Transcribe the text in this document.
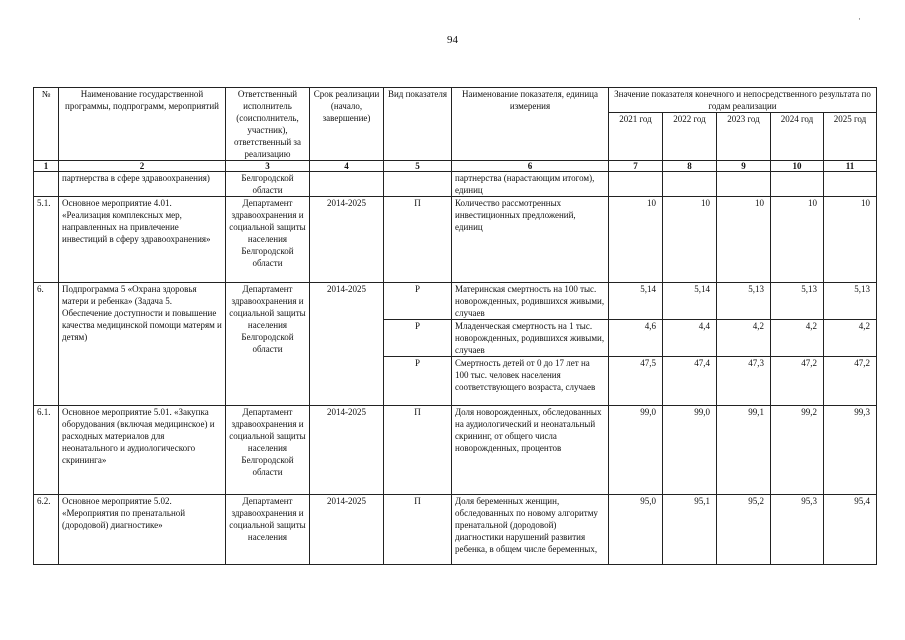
94
·
№	Наименование государственной программы, подпрограмм, мероприятий	Ответственный исполнитель (соисполнитель, участник), ответственный за реализацию	Срок реализации (начало, завершение)	Вид показателя	Наименование показателя, единица измерения	Значение показателя конечного и непосредственного результата по годам реализации				
						2021 год	2022 год	2023 год	2024 год	2025 год
1	2	3	4	5	6	7	8	9	10	11
	партнерства в сфере здравоохранения)	Белгородской области			партнерства (нарастающим итогом), единиц					
5.1.	Основное мероприятие 4.01. «Реализация комплексных мер, направленных на привлечение инвестиций в сферу здравоохранения»	Департамент здравоохранения и социальной защиты населения Белгородской области	2014-2025	П	Количество рассмотренных инвестиционных предложений, единиц	10	10	10	10	10
6.	Подпрограмма 5 «Охрана здоровья матери и ребенка» (Задача 5. Обеспечение доступности и повышение качества медицинской помощи матерям и детям)	Департамент здравоохранения и социальной защиты населения Белгородской области	2014-2025	Р	Материнская смертность на 100 тыс. новорожденных, родившихся живыми, случаев	5,14	5,14	5,13	5,13	5,13
				Р	Младенческая смертность на 1 тыс. новорожденных, родившихся живыми, случаев	4,6	4,4	4,2	4,2	4,2
				Р	Смертность детей от 0 до 17 лет на 100 тыс. человек населения соответствующего возраста, случаев	47,5	47,4	47,3	47,2	47,2
6.1.	Основное мероприятие 5.01. «Закупка оборудования (включая медицинское) и расходных материалов для неонатального и аудиологического скрининга»	Департамент здравоохранения и социальной защиты населения Белгородской области	2014-2025	П	Доля новорожденных, обследованных на аудиологический и неонатальный скрининг, от общего числа новорожденных, процентов	99,0	99,0	99,1	99,2	99,3
6.2.	Основное мероприятие 5.02. «Мероприятия по пренатальной (дородовой) диагностике»	Департамент здравоохранения и социальной защиты населения	2014-2025	П	Доля беременных женщин, обследованных по новому алгоритму пренатальной (дородовой) диагностики нарушений развития ребенка, в общем числе беременных,	95,0	95,1	95,2	95,3	95,4
